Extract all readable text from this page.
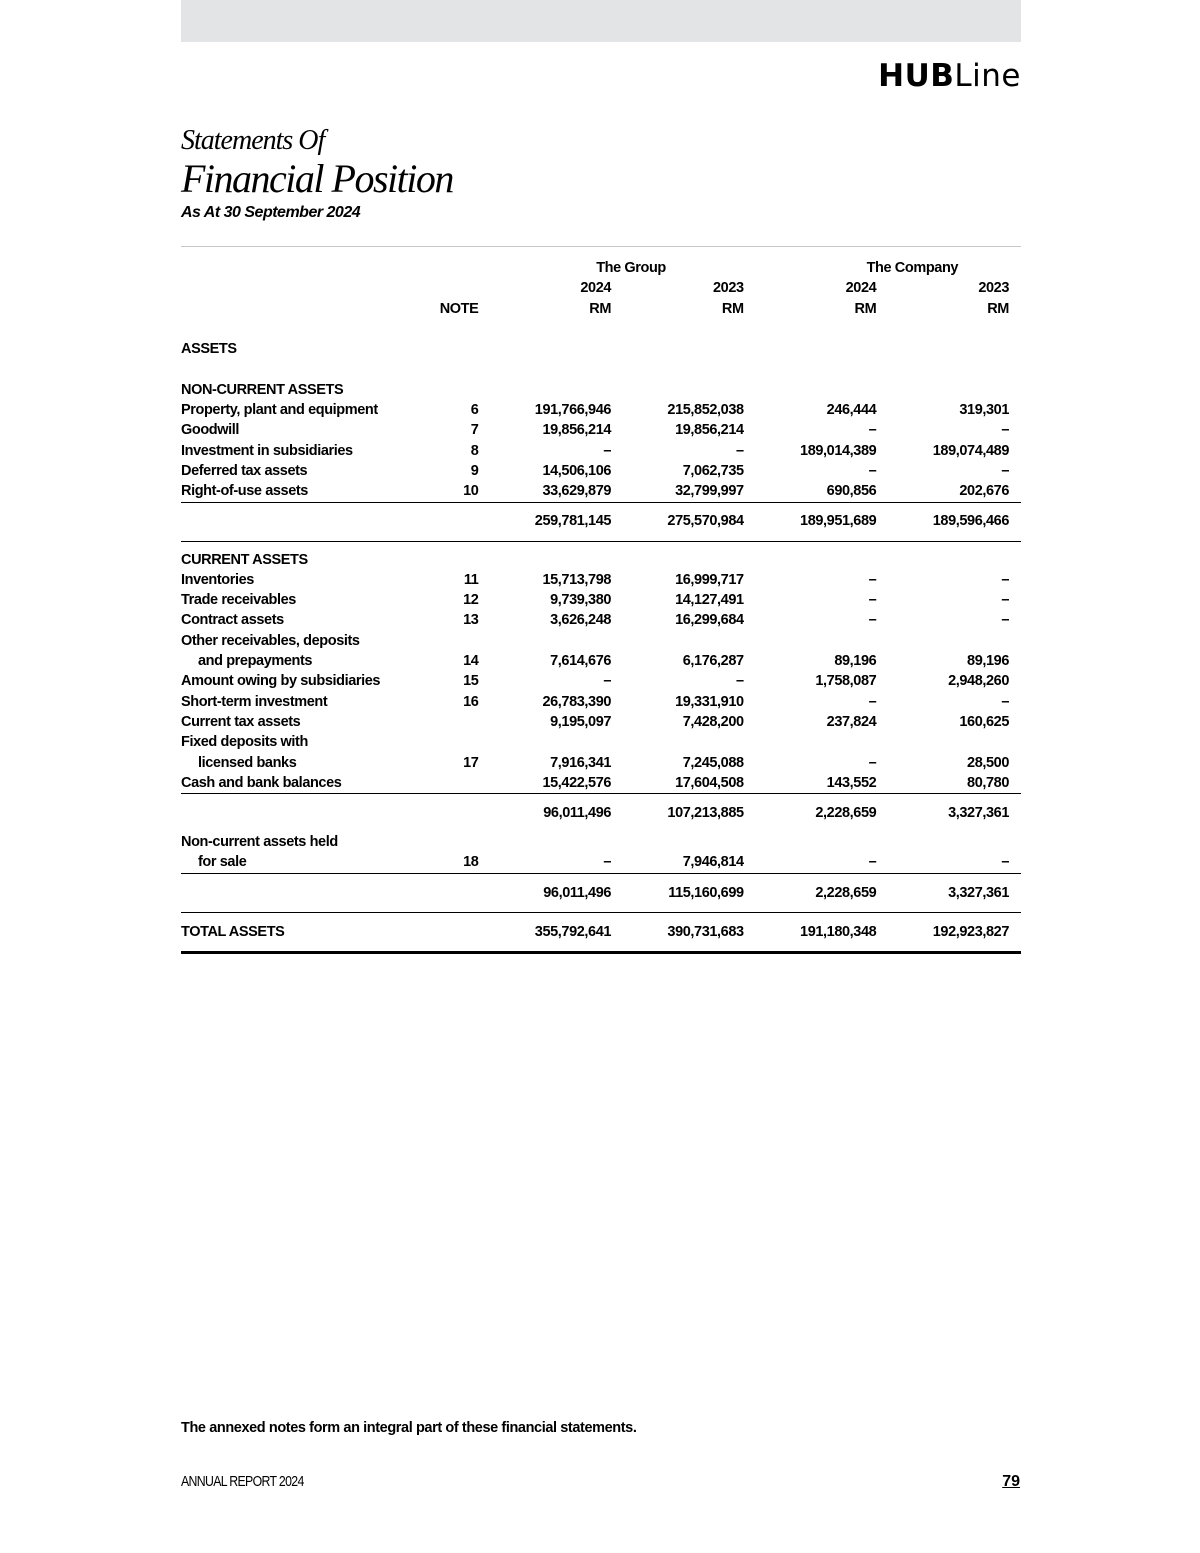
HUBLine
Statements Of
Financial Position
As At 30 September 2024
		The Group		The Company	
		2024	2023	2024	2023
	NOTE	RM	RM	RM	RM

ASSETS					

NON-CURRENT ASSETS					
Property, plant and equipment	6	191,766,946	215,852,038	246,444	319,301
Goodwill	7	19,856,214	19,856,214	–	–
Investment in subsidiaries	8	–	–	189,014,389	189,074,489
Deferred tax assets	9	14,506,106	7,062,735	–	–
Right-of-use assets	10	33,629,879	32,799,997	690,856	202,676
		259,781,145	275,570,984	189,951,689	189,596,466

CURRENT ASSETS					
Inventories	11	15,713,798	16,999,717	–	–
Trade receivables	12	9,739,380	14,127,491	–	–
Contract assets	13	3,626,248	16,299,684	–	–
Other receivables, deposits					
and prepayments	14	7,614,676	6,176,287	89,196	89,196
Amount owing by subsidiaries	15	–	–	1,758,087	2,948,260
Short-term investment	16	26,783,390	19,331,910	–	–
Current tax assets		9,195,097	7,428,200	237,824	160,625
Fixed deposits with					
licensed banks	17	7,916,341	7,245,088	–	28,500
Cash and bank balances		15,422,576	17,604,508	143,552	80,780
		96,011,496	107,213,885	2,228,659	3,327,361
Non-current assets held					
for sale	18	–	7,946,814	–	–
		96,011,496	115,160,699	2,228,659	3,327,361
TOTAL ASSETS		355,792,641	390,731,683	191,180,348	192,923,827
The annexed notes form an integral part of these financial statements.
ANNUAL REPORT 2024	79
